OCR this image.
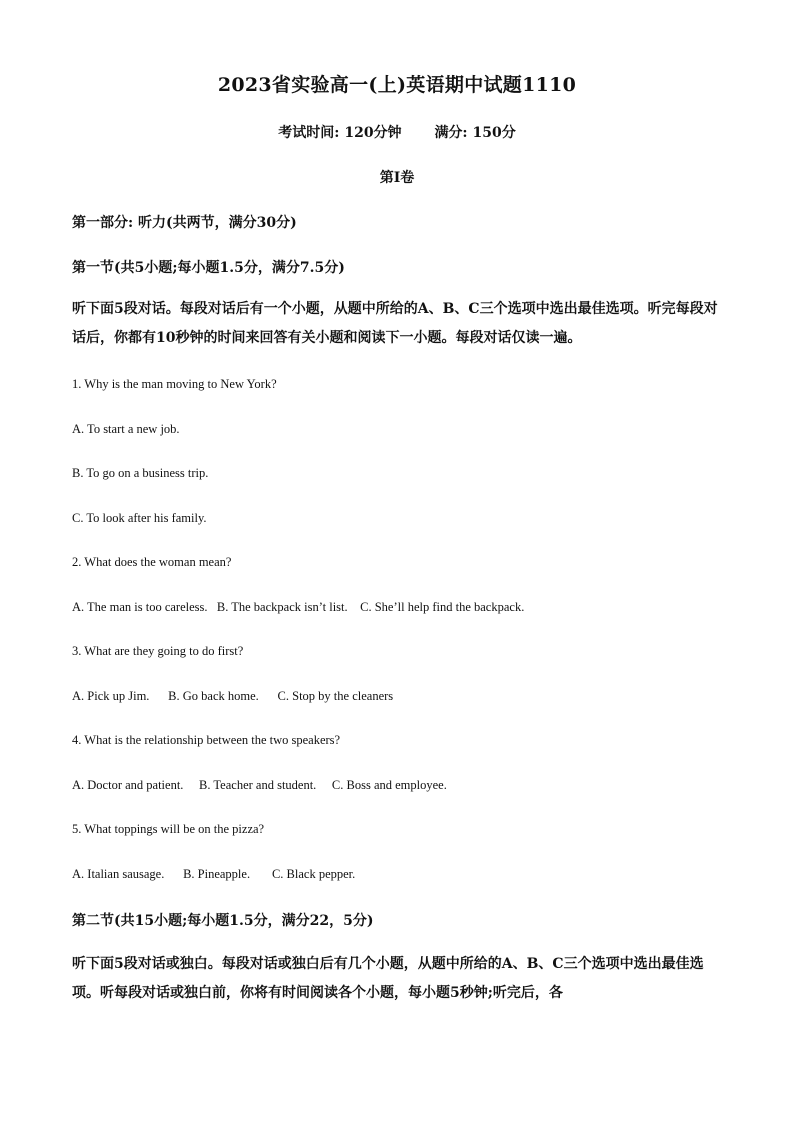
2023省实验高一(上)英语期中试题1110
考试时间: 120分钟 满分: 150分
第I卷
第一部分: 听力(共两节，满分30分)
第一节(共5小题;每小题1.5分，满分7.5分)
听下面5段对话。每段对话后有一个小题，从题中所给的A、B、C三个选项中选出最佳选项。听完每段对话后，你都有10秒钟的时间来回答有关小题和阅读下一小题。每段对话仅读一遍。
1. Why is the man moving to New York?
A. To start a new job.
B. To go on a business trip.
C. To look after his family.
2. What does the woman mean?
A. The man is too careless.   B. The backpack isn’t list.    C. She’ll help find the backpack.
3. What are they going to do first?
A. Pick up Jim.      B. Go back home.      C. Stop by the cleaners
4. What is the relationship between the two speakers?
A. Doctor and patient.     B. Teacher and student.     C. Boss and employee.
5. What toppings will be on the pizza?
A. Italian sausage.      B. Pineapple.       C. Black pepper.
第二节(共15小题;每小题1.5分，满分22，5分)
听下面5段对话或独白。每段对话或独白后有几个小题，从题中所给的A、B、C三个选项中选出最佳选项。听每段对话或独白前，你将有时间阅读各个小题，每小题5秒钟;听完后，各
